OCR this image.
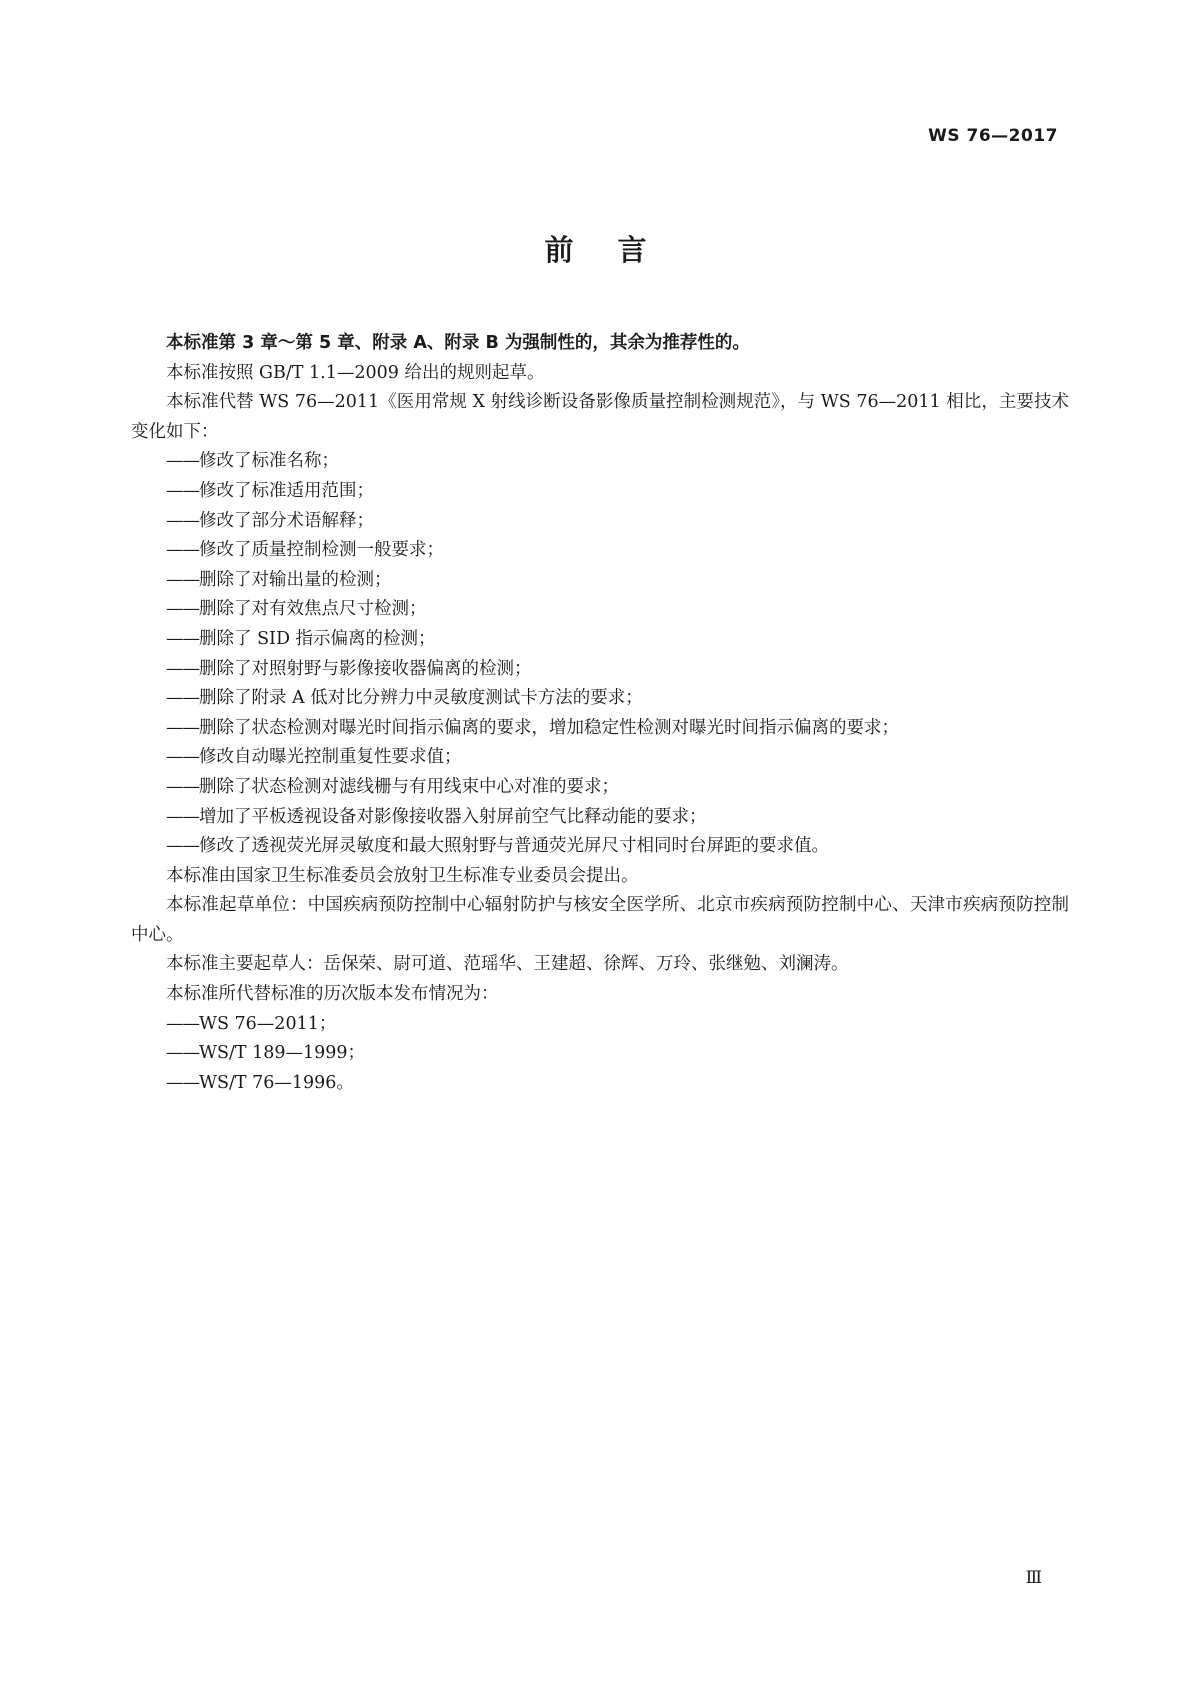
WS 76—2017
前言

本标准第 3 章～第 5 章、附录 A、附录 B 为强制性的，其余为推荐性的。

本标准按照 GB/T 1.1—2009 给出的规则起草。

本标准代替 WS 76—2011《医用常规 X 射线诊断设备影像质量控制检测规范》，与 WS 76—2011 相比，主要技术变化如下：

——修改了标准名称；
——修改了标准适用范围；
——修改了部分术语解释；
——修改了质量控制检测一般要求；
——删除了对输出量的检测；
——删除了对有效焦点尺寸检测；
——删除了 SID 指示偏离的检测；
——删除了对照射野与影像接收器偏离的检测；
——删除了附录 A 低对比分辨力中灵敏度测试卡方法的要求；
——删除了状态检测对曝光时间指示偏离的要求，增加稳定性检测对曝光时间指示偏离的要求；
——修改自动曝光控制重复性要求值；
——删除了状态检测对滤线栅与有用线束中心对准的要求；
——增加了平板透视设备对影像接收器入射屏前空气比释动能的要求；
——修改了透视荧光屏灵敏度和最大照射野与普通荧光屏尺寸相同时台屏距的要求值。

本标准由国家卫生标准委员会放射卫生标准专业委员会提出。

本标准起草单位：中国疾病预防控制中心辐射防护与核安全医学所、北京市疾病预防控制中心、天津市疾病预防控制中心。

本标准主要起草人：岳保荣、尉可道、范瑶华、王建超、徐辉、万玲、张继勉、刘澜涛。

本标准所代替标准的历次版本发布情况为：

——WS 76—2011；
——WS/T 189—1999；
——WS/T 76—1996。
Ⅲ
